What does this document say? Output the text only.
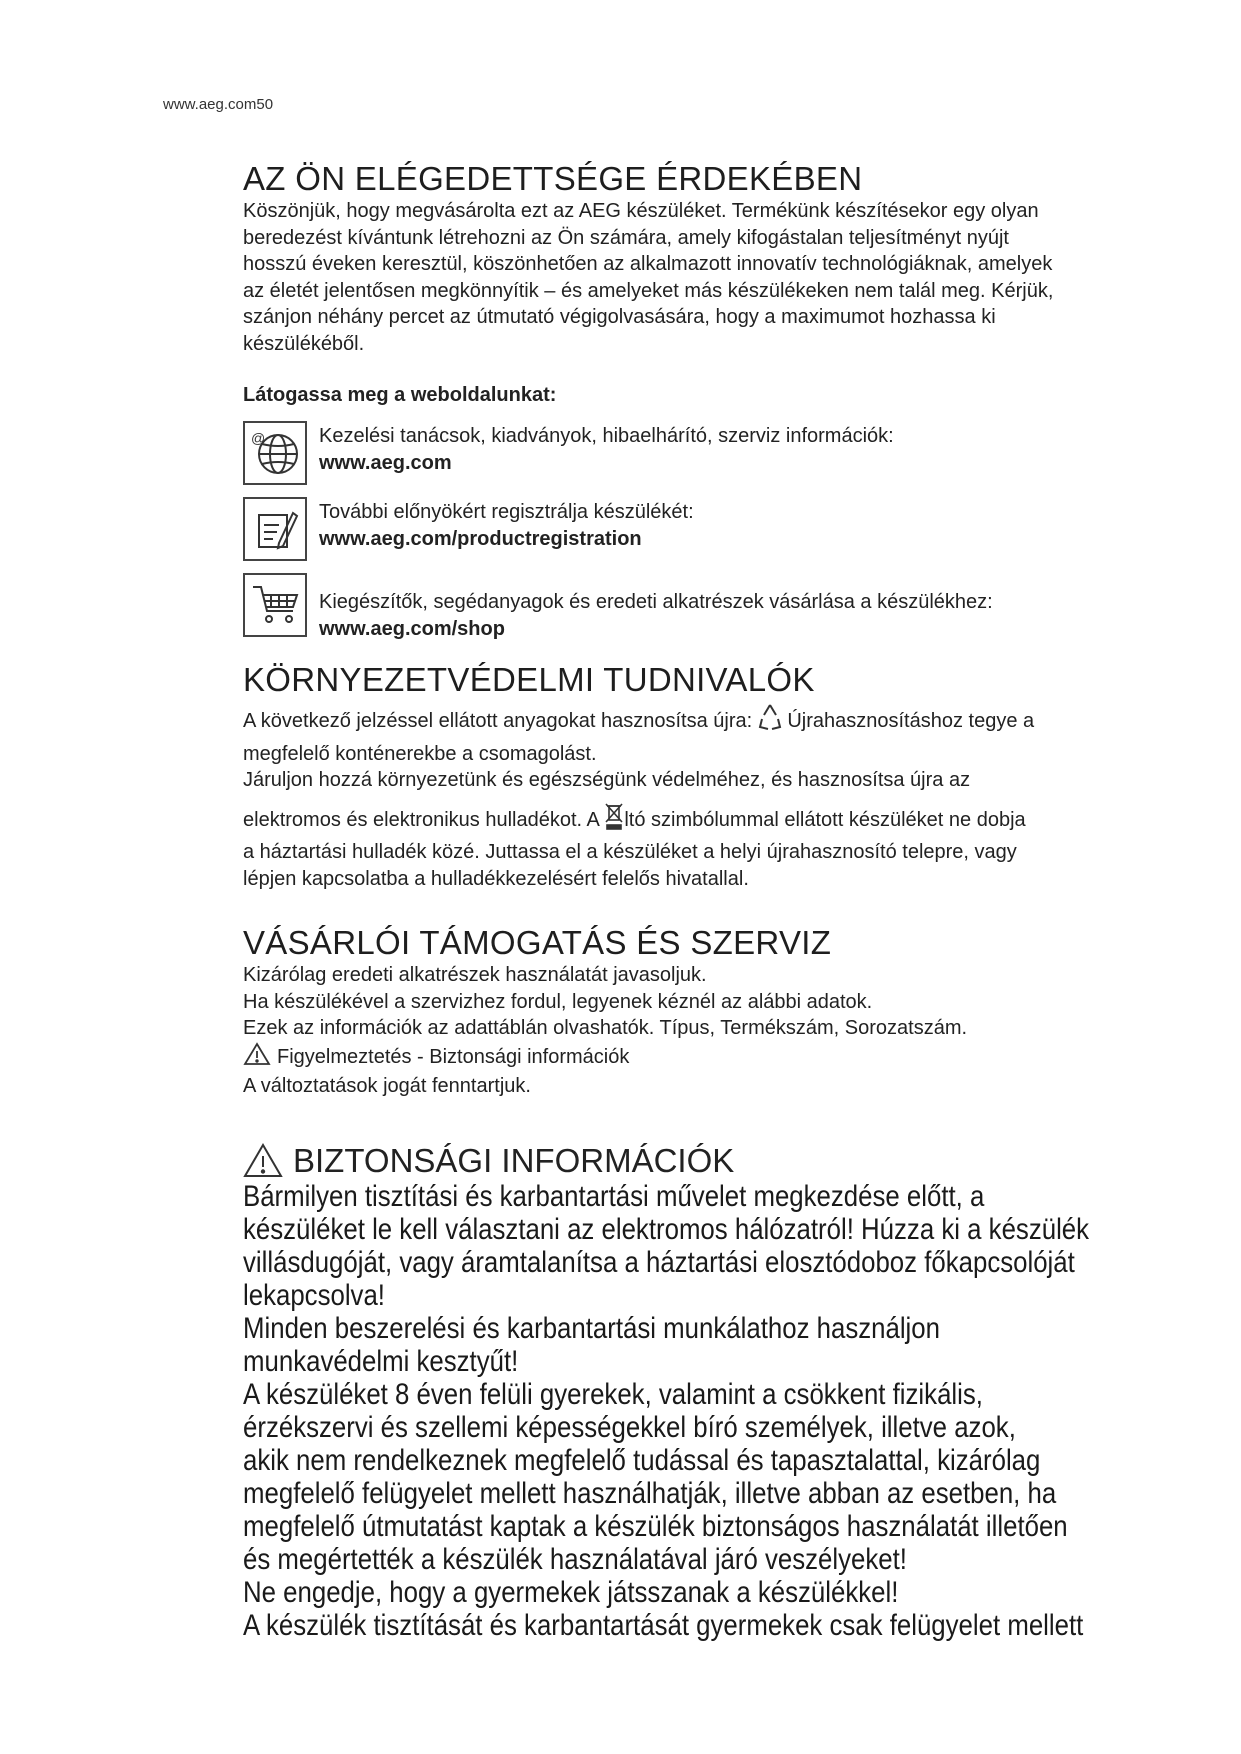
www.aeg.com50
AZ ÖN ELÉGEDETTSÉGE ÉRDEKÉBEN
Köszönjük, hogy megvásárolta ezt az AEG készüléket. Termékünk készítésekor egy olyan
beredezést kívántunk létrehozni az Ön számára, amely kifogástalan teljesítményt nyújt
hosszú éveken keresztül, köszönhetően az alkalmazott innovatív technológiáknak, amelyek
az életét jelentősen megkönnyítik – és amelyeket más készülékeken nem talál meg. Kérjük,
szánjon néhány percet az útmutató végigolvasására, hogy a maximumot hozhassa ki
készülékéből.
Látogassa meg a weboldalunkat:
@	Kezelési tanácsok, kiadványok, hibaelhárító, szerviz információk:
www.aeg.com
További előnyökért regisztrálja készülékét:
www.aeg.com/productregistration
Kiegészítők, segédanyagok és eredeti alkatrészek vásárlása a készülékhez:
www.aeg.com/shop
KÖRNYEZETVÉDELMI TUDNIVALÓK
A következő jelzéssel ellátott anyagokat hasznosítsa újra: Újrahasznosításhoz tegye a
megfelelő konténerekbe a csomagolást.
Járuljon hozzá környezetünk és egészségünk védelméhez, és hasznosítsa újra az
elektromos és elektronikus hulladékot. A ltó szimbólummal ellátott készüléket ne dobja
a háztartási hulladék közé. Juttassa el a készüléket a helyi újrahasznosító telepre, vagy
lépjen kapcsolatba a hulladékkezelésért felelős hivatallal.
VÁSÁRLÓI TÁMOGATÁS ÉS SZERVIZ
Kizárólag eredeti alkatrészek használatát javasoljuk.
Ha készülékével a szervizhez fordul, legyenek kéznél az alábbi adatok.
Ezek az információk az adattáblán olvashatók. Típus, Termékszám, Sorozatszám.
Figyelmeztetés - Biztonsági információk
A változtatások jogát fenntartjuk.
BIZTONSÁGI INFORMÁCIÓK
Bármilyen tisztítási és karbantartási művelet megkezdése előtt, a
készüléket le kell választani az elektromos hálózatról! Húzza ki a készülék
villásdugóját, vagy áramtalanítsa a háztartási elosztódoboz főkapcsolóját
lekapcsolva!
Minden beszerelési és karbantartási munkálathoz használjon
munkavédelmi kesztyűt!
A készüléket 8 éven felüli gyerekek, valamint a csökkent fizikális,
érzékszervi és szellemi képességekkel bíró személyek, illetve azok,
akik nem rendelkeznek megfelelő tudással és tapasztalattal, kizárólag
megfelelő felügyelet mellett használhatják, illetve abban az esetben, ha
megfelelő útmutatást kaptak a készülék biztonságos használatát illetően
és megértették a készülék használatával járó veszélyeket!
Ne engedje, hogy a gyermekek játsszanak a készülékkel!
A készülék tisztítását és karbantartását gyermekek csak felügyelet mellett
